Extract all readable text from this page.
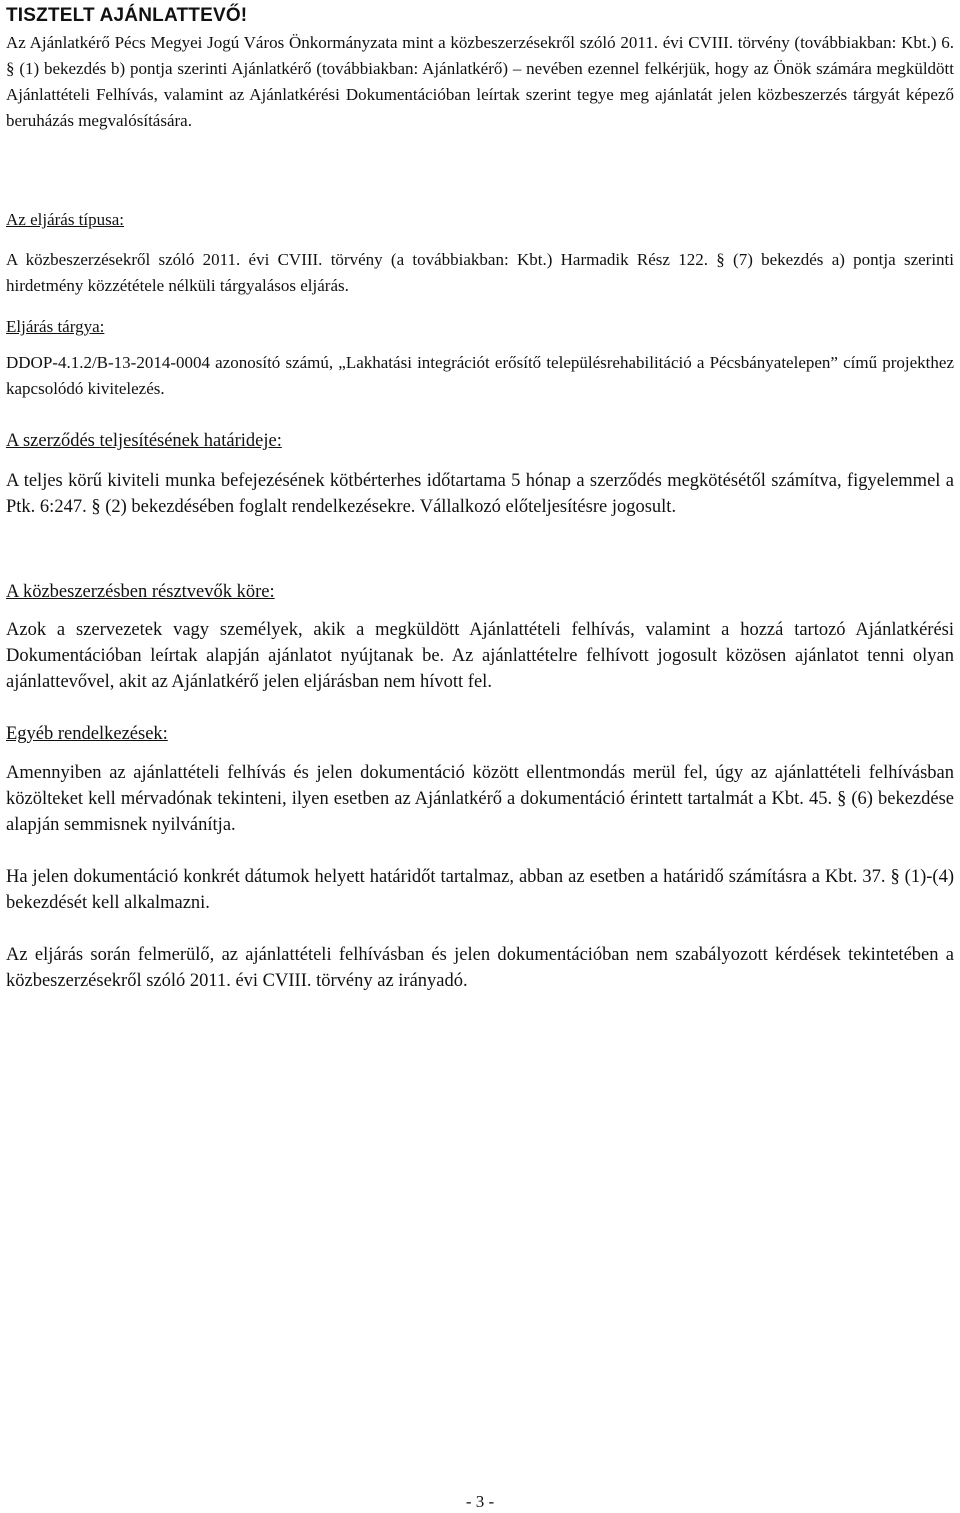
TISZTELT AJÁNLATTEVŐ!
Az Ajánlatkérő Pécs Megyei Jogú Város Önkormányzata mint a közbeszerzésekről szóló 2011. évi CVIII. törvény (továbbiakban: Kbt.) 6. § (1) bekezdés b) pontja szerinti Ajánlatkérő (továbbiakban: Ajánlatkérő) – nevében ezennel felkérjük, hogy az Önök számára megküldött Ajánlattételi Felhívás, valamint az Ajánlatkérési Dokumentációban leírtak szerint tegye meg ajánlatát jelen közbeszerzés tárgyát képező beruházás megvalósítására.
Az eljárás típusa:
A közbeszerzésekről szóló 2011. évi CVIII. törvény (a továbbiakban: Kbt.) Harmadik Rész 122. § (7) bekezdés a) pontja szerinti hirdetmény közzététele nélküli tárgyalásos eljárás.
Eljárás tárgya:
DDOP-4.1.2/B-13-2014-0004 azonosító számú, „Lakhatási integrációt erősítő településrehabilitáció a Pécsbányatelepen” című projekthez kapcsolódó kivitelezés.
A szerződés teljesítésének határideje:
A teljes körű kiviteli munka befejezésének kötbérterhes időtartama 5 hónap a szerződés megkötésétől számítva, figyelemmel a Ptk. 6:247. § (2) bekezdésében foglalt rendelkezésekre. Vállalkozó előteljesítésre jogosult.
A közbeszerzésben résztvevők köre:
Azok a szervezetek vagy személyek, akik a megküldött Ajánlattételi felhívás, valamint a hozzá tartozó Ajánlatkérési Dokumentációban leírtak alapján ajánlatot nyújtanak be. Az ajánlattételre felhívott jogosult közösen ajánlatot tenni olyan ajánlattevővel, akit az Ajánlatkérő jelen eljárásban nem hívott fel.
Egyéb rendelkezések:
Amennyiben az ajánlattételi felhívás és jelen dokumentáció között ellentmondás merül fel, úgy az ajánlattételi felhívásban közölteket kell mérvadónak tekinteni, ilyen esetben az Ajánlatkérő a dokumentáció érintett tartalmát a Kbt. 45. § (6) bekezdése alapján semmisnek nyilvánítja.
Ha jelen dokumentáció konkrét dátumok helyett határidőt tartalmaz, abban az esetben a határidő számításra a Kbt. 37. § (1)-(4) bekezdését kell alkalmazni.
Az eljárás során felmerülő, az ajánlattételi felhívásban és jelen dokumentációban nem szabályozott kérdések tekintetében a közbeszerzésekről szóló 2011. évi CVIII. törvény az irányadó.
- 3 -
